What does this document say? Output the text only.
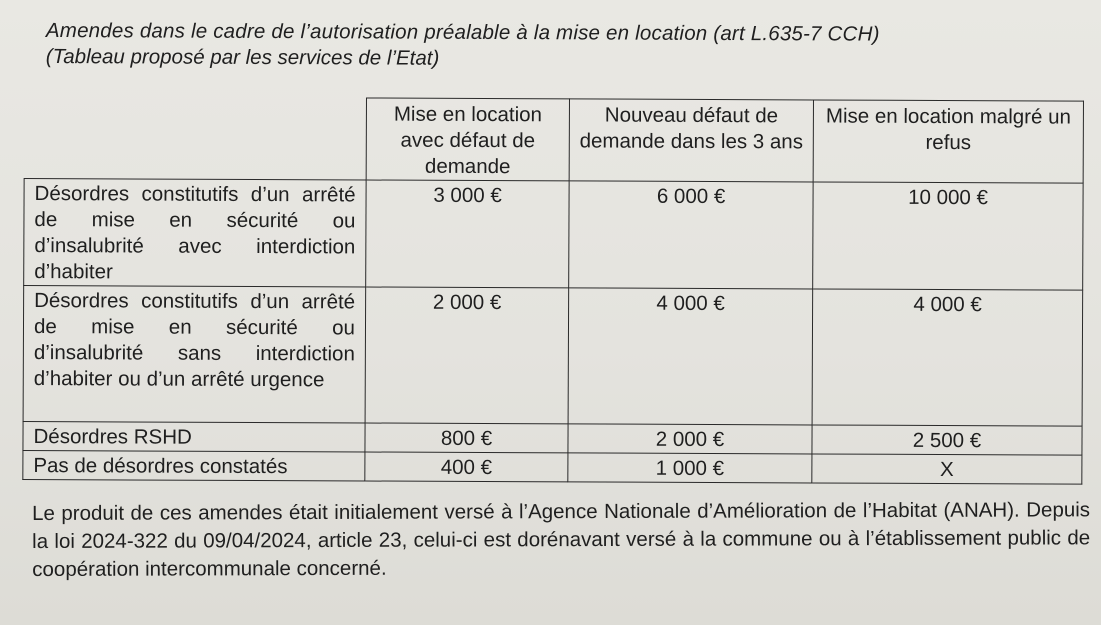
Amendes dans le cadre de l’autorisation préalable à la mise en location (art L.635-7 CCH)
(Tableau proposé par les services de l’Etat)
	Mise en location avec défaut de demande	Nouveau défaut de demande dans les 3 ans	Mise en location malgré un refus
Désordres constitutifs d’un arrêté de mise en sécurité ou d’insalubrité avec interdiction d’habiter	3 000 €	6 000 €	10 000 €
Désordres constitutifs d’un arrêté de mise en sécurité ou d’insalubrité sans interdiction d’habiter ou d’un arrêté urgence	2 000 €	4 000 €	4 000 €
Désordres RSHD	800 €	2 000 €	2 500 €
Pas de désordres constatés	400 €	1 000 €	X
Le produit de ces amendes était initialement versé à l’Agence Nationale d’Amélioration de l’Habitat (ANAH). Depuis la loi 2024-322 du 09/04/2024, article 23, celui-ci est dorénavant versé à la commune ou à l’établissement public de coopération intercommunale concerné.
